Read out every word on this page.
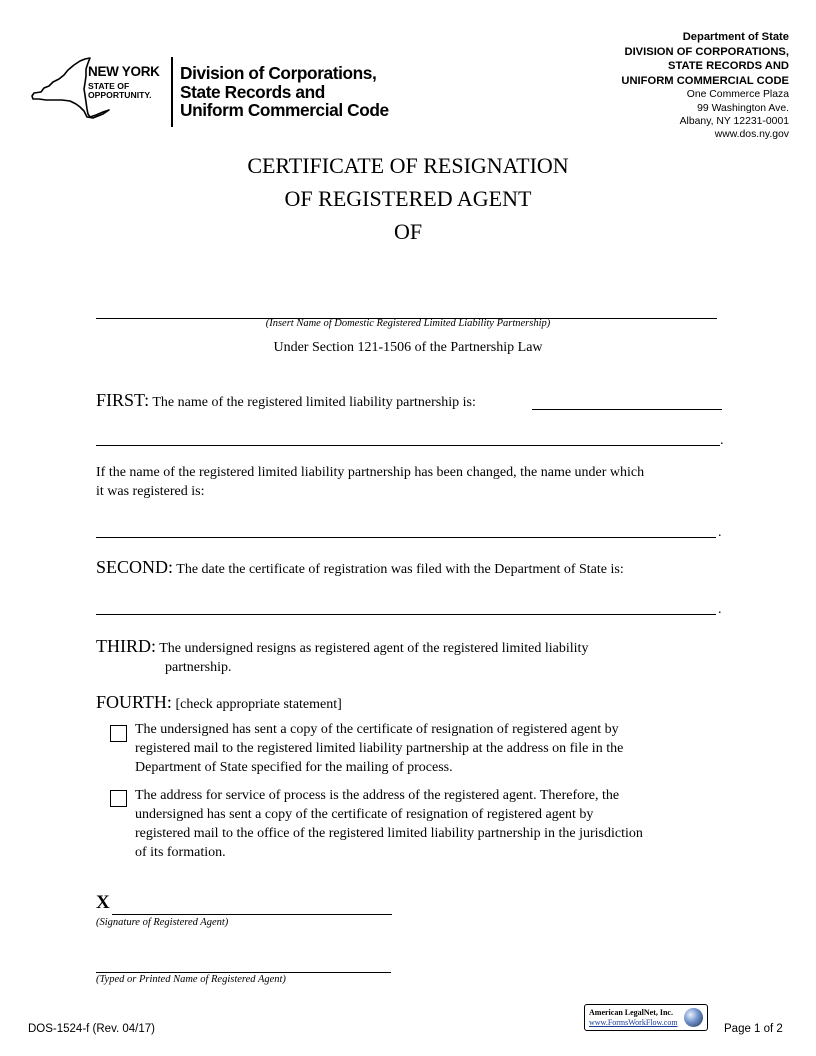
NEW YORK
STATE OF
OPPORTUNITY.
Division of Corporations,
State Records and
Uniform Commercial Code
Department of State
DIVISION OF CORPORATIONS,
STATE RECORDS AND
UNIFORM COMMERCIAL CODE
One Commerce Plaza
99 Washington Ave.
Albany, NY 12231-0001
www.dos.ny.gov
CERTIFICATE OF RESIGNATION
OF REGISTERED AGENT
OF
(Insert Name of Domestic Registered Limited Liability Partnership)
Under Section 121-1506 of the Partnership Law
FIRST: The name of the registered limited liability partnership is:
.
If the name of the registered limited liability partnership has been changed, the name under which
it was registered is:
.
SECOND: The date the certificate of registration was filed with the Department of State is:
.
THIRD: The undersigned resigns as registered agent of the registered limited liability
partnership.
FOURTH: [check appropriate statement]
The undersigned has sent a copy of the certificate of resignation of registered agent by
registered mail to the registered limited liability partnership at the address on file in the
Department of State specified for the mailing of process.
The address for service of process is the address of the registered agent. Therefore, the
undersigned has sent a copy of the certificate of resignation of registered agent by
registered mail to the office of the registered limited liability partnership in the jurisdiction
of its formation.
X
(Signature of Registered Agent)
(Typed or Printed Name of Registered Agent)
DOS-1524-f (Rev. 04/17)
American LegalNet, Inc.
www.FormsWorkFlow.com
Page 1 of 2
